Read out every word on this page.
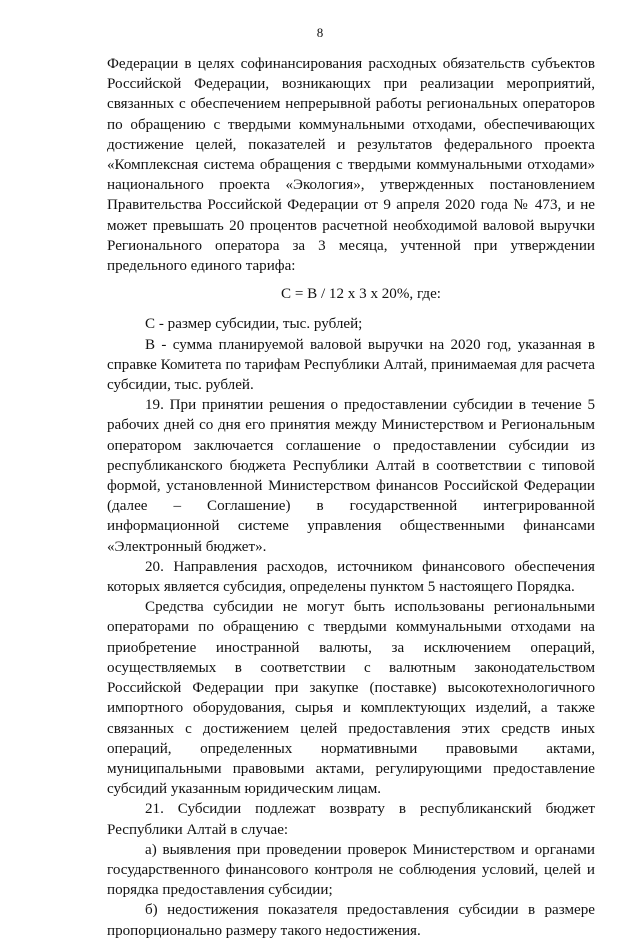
8

Федерации в целях софинансирования расходных обязательств субъектов Российской Федерации, возникающих при реализации мероприятий, связанных с обеспечением непрерывной работы региональных операторов по обращению с твердыми коммунальными отходами, обеспечивающих достижение целей, показателей и результатов федерального проекта «Комплексная система обращения с твердыми коммунальными отходами» национального проекта «Экология», утвержденных постановлением Правительства Российской Федерации от 9 апреля 2020 года № 473, и не может превышать 20 процентов расчетной необходимой валовой выручки Регионального оператора за 3 месяца, учтенной при утверждении предельного единого тарифа:

С = В / 12 х 3 х 20%, где:

С - размер субсидии, тыс. рублей;

В - сумма планируемой валовой выручки на 2020 год, указанная в справке Комитета по тарифам Республики Алтай, принимаемая для расчета субсидии, тыс. рублей.

19. При принятии решения о предоставлении субсидии в течение 5 рабочих дней со дня его принятия между Министерством и Региональным оператором заключается соглашение о предоставлении субсидии из республиканского бюджета Республики Алтай в соответствии с типовой формой, установленной Министерством финансов Российской Федерации (далее – Соглашение) в государственной интегрированной информационной системе управления общественными финансами «Электронный бюджет».

20. Направления расходов, источником финансового обеспечения которых является субсидия, определены пунктом 5 настоящего Порядка.

Средства субсидии не могут быть использованы региональными операторами по обращению с твердыми коммунальными отходами на приобретение иностранной валюты, за исключением операций, осуществляемых в соответствии с валютным законодательством Российской Федерации при закупке (поставке) высокотехнологичного импортного оборудования, сырья и комплектующих изделий, а также связанных с достижением целей предоставления этих средств иных операций, определенных нормативными правовыми актами, муниципальными правовыми актами, регулирующими предоставление субсидий указанным юридическим лицам.

21. Субсидии подлежат возврату в республиканский бюджет Республики Алтай в случае:

а) выявления при проведении проверок Министерством и органами государственного финансового контроля не соблюдения условий, целей и порядка предоставления субсидии;

б) недостижения показателя предоставления субсидии в размере пропорционально размеру такого недостижения.
